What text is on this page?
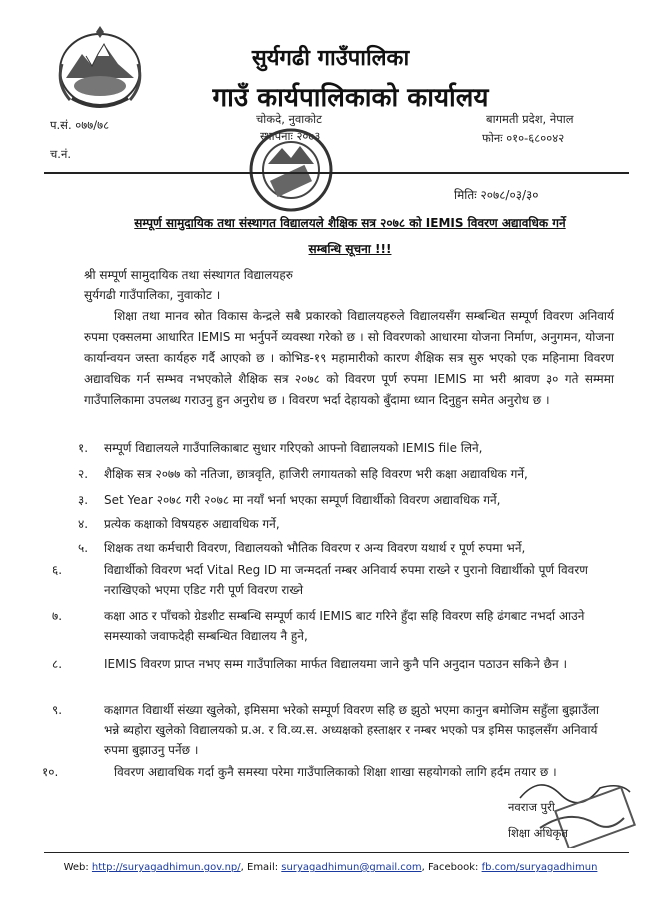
सुर्यगढी गाउँपालिका
गाउँ कार्यपालिकाको कार्यालय
प.सं. ०७७/७८
च.नं.
चोकदे, नुवाकोट
स्थापनाः २०७३
बागमती प्रदेश, नेपाल
फोनः ०१०-६८००४२
मितिः २०७८/०३/३०
सम्पूर्ण सामुदायिक तथा संस्थागत विद्यालयले शैक्षिक सत्र २०७८ को IEMIS विवरण अद्यावधिक गर्ने
सम्बन्धि सूचना !!!
श्री सम्पूर्ण सामुदायिक तथा संस्थागत विद्यालयहरु
सुर्यगढी गाउँपालिका, नुवाकोट ।
शिक्षा तथा मानव स्रोत विकास केन्द्रले सबै प्रकारको विद्यालयहरुले विद्यालयसँग सम्बन्धित सम्पूर्ण विवरण अनिवार्य रुपमा एक्सलमा आधारित IEMIS मा भर्नुपर्ने व्यवस्था गरेको छ । सो विवरणको आधारमा योजना निर्माण, अनुगमन, योजना कार्यान्वयन जस्ता कार्यहरु गर्दै आएको छ । कोभिड-१९ महामारीको कारण शैक्षिक सत्र सुरु भएको एक महिनामा विवरण अद्यावधिक गर्न सम्भव नभएकोले शैक्षिक सत्र २०७८ को विवरण पूर्ण रुपमा IEMIS मा भरी श्रावण ३० गते सम्ममा गाउँपालिकामा उपलब्ध गराउनु हुन अनुरोध छ । विवरण भर्दा देहायको बुँदामा ध्यान दिनुहुन समेत अनुरोध छ ।
१. सम्पूर्ण विद्यालयले गाउँपालिकाबाट सुधार गरिएको आफ्नो विद्यालयको IEMIS file लिने,
२. शैक्षिक सत्र २०७७ को नतिजा, छात्रवृति, हाजिरी लगायतको सहि विवरण भरी कक्षा अद्यावधिक गर्ने,
३. Set Year २०७८ गरी २०७८ मा नयाँ भर्ना भएका सम्पूर्ण विद्यार्थीको विवरण अद्यावधिक गर्ने,
४. प्रत्येक कक्षाको विषयहरु अद्यावधिक गर्ने,
५. शिक्षक तथा कर्मचारी विवरण, विद्यालयको भौतिक विवरण र अन्य विवरण यथार्थ र पूर्ण रुपमा भर्ने,
६.	विद्यार्थीको विवरण भर्दा Vital Reg ID मा जन्मदर्ता नम्बर अनिवार्य रुपमा राख्ने र पुरानो विद्यार्थीको पूर्ण विवरण नराखिएको भएमा एडिट गरी पूर्ण विवरण राख्ने
७.	कक्षा आठ र पाँचको ग्रेडशीट सम्बन्धि सम्पूर्ण कार्य IEMIS बाट गरिने हुँदा सहि विवरण सहि ढंगबाट नभर्दा आउने समस्याको जवाफदेही सम्बन्धित विद्यालय नै हुने,
८.	IEMIS विवरण प्राप्त नभए सम्म गाउँपालिका मार्फत विद्यालयमा जाने कुनै पनि अनुदान पठाउन सकिने छैन ।
९.	कक्षागत विद्यार्थी संख्या खुलेको, इमिसमा भरेको सम्पूर्ण विवरण सहि छ झुठो भएमा कानुन बमोजिम सहुँला बुझाउँला भन्ने ब्यहोरा खुलेको विद्यालयको प्र.अ. र वि.व्य.स. अध्यक्षको हस्ताक्षर र नम्बर भएको पत्र इमिस फाइलसँग अनिवार्य रुपमा बुझाउनु पर्नेछ ।
१०.	विवरण अद्यावधिक गर्दा कुनै समस्या परेमा गाउँपालिकाको शिक्षा शाखा सहयोगको लागि हर्दम तयार छ ।
नवराज पुरी
शिक्षा अधिकृत
Web: http://suryagadhimun.gov.np/, Email: suryagadhimun@gmail.com, Facebook: fb.com/suryagadhimun
